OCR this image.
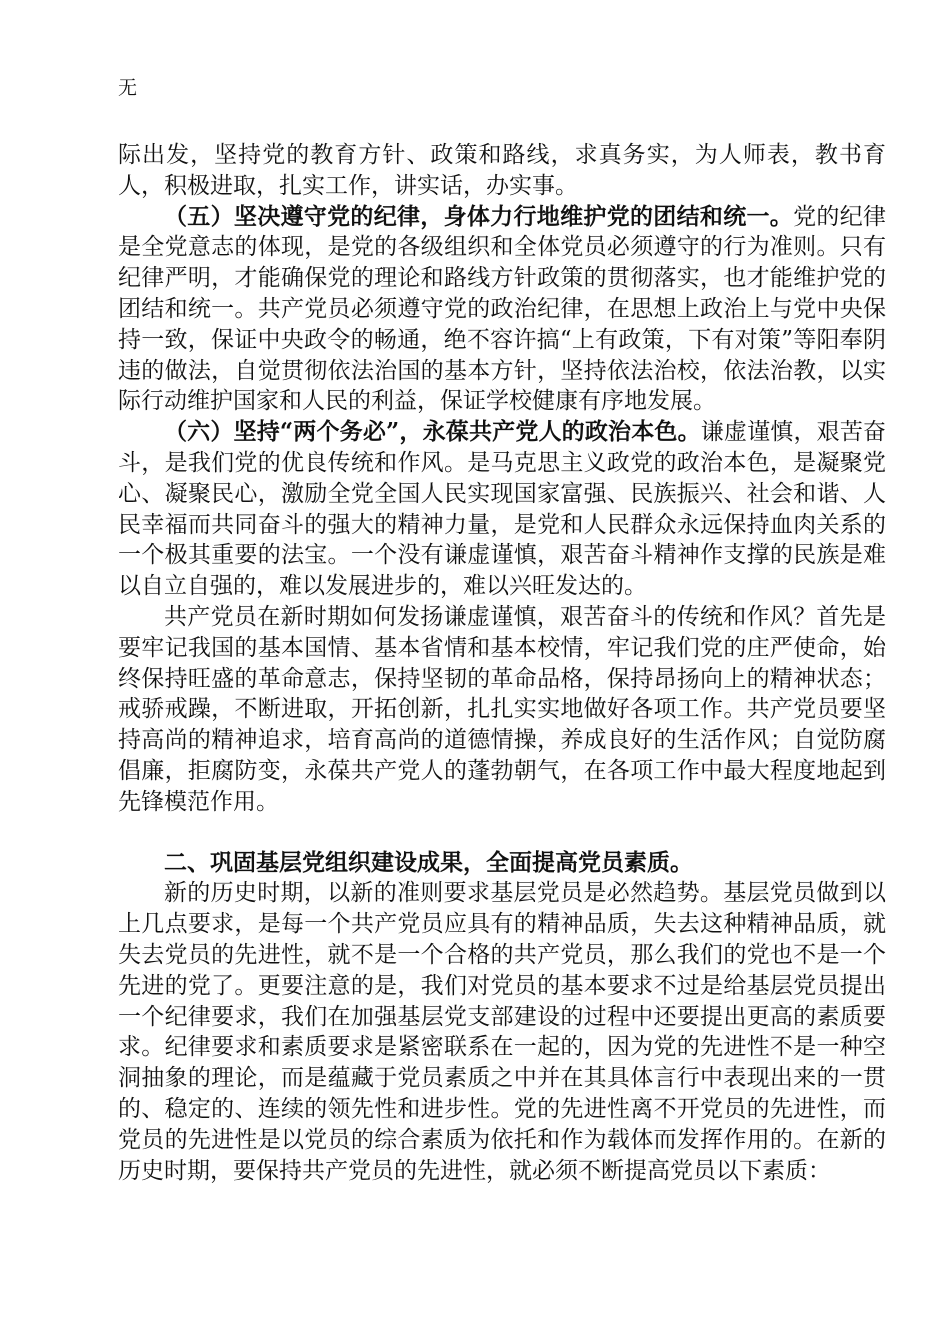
无

际出发，坚持党的教育方针、政策和路线，求真务实，为人师表，教书育人，积极进取，扎实工作，讲实话，办实事。

（五）坚决遵守党的纪律，身体力行地维护党的团结和统一。党的纪律是全党意志的体现，是党的各级组织和全体党员必须遵守的行为准则。只有纪律严明，才能确保党的理论和路线方针政策的贯彻落实，也才能维护党的团结和统一。共产党员必须遵守党的政治纪律，在思想上政治上与党中央保持一致，保证中央政令的畅通，绝不容许搞“上有政策，下有对策”等阳奉阴违的做法，自觉贯彻依法治国的基本方针，坚持依法治校，依法治教，以实际行动维护国家和人民的利益，保证学校健康有序地发展。

（六）坚持“两个务必”，永葆共产党人的政治本色。谦虚谨慎，艰苦奋斗，是我们党的优良传统和作风。是马克思主义政党的政治本色，是凝聚党心、凝聚民心，激励全党全国人民实现国家富强、民族振兴、社会和谐、人民幸福而共同奋斗的强大的精神力量，是党和人民群众永远保持血肉关系的一个极其重要的法宝。一个没有谦虚谨慎，艰苦奋斗精神作支撑的民族是难以自立自强的，难以发展进步的，难以兴旺发达的。

共产党员在新时期如何发扬谦虚谨慎，艰苦奋斗的传统和作风？首先是要牢记我国的基本国情、基本省情和基本校情，牢记我们党的庄严使命，始终保持旺盛的革命意志，保持坚韧的革命品格，保持昂扬向上的精神状态；戒骄戒躁，不断进取，开拓创新，扎扎实实地做好各项工作。共产党员要坚持高尚的精神追求，培育高尚的道德情操，养成良好的生活作风；自觉防腐倡廉，拒腐防变，永葆共产党人的蓬勃朝气，在各项工作中最大程度地起到先锋模范作用。

二、巩固基层党组织建设成果，全面提高党员素质。

新的历史时期，以新的准则要求基层党员是必然趋势。基层党员做到以上几点要求，是每一个共产党员应具有的精神品质，失去这种精神品质，就失去党员的先进性，就不是一个合格的共产党员，那么我们的党也不是一个先进的党了。更要注意的是，我们对党员的基本要求不过是给基层党员提出一个纪律要求，我们在加强基层党支部建设的过程中还要提出更高的素质要求。纪律要求和素质要求是紧密联系在一起的，因为党的先进性不是一种空洞抽象的理论，而是蕴藏于党员素质之中并在其具体言行中表现出来的一贯的、稳定的、连续的领先性和进步性。党的先进性离不开党员的先进性，而党员的先进性是以党员的综合素质为依托和作为载体而发挥作用的。在新的历史时期，要保持共产党员的先进性，就必须不断提高党员以下素质：
